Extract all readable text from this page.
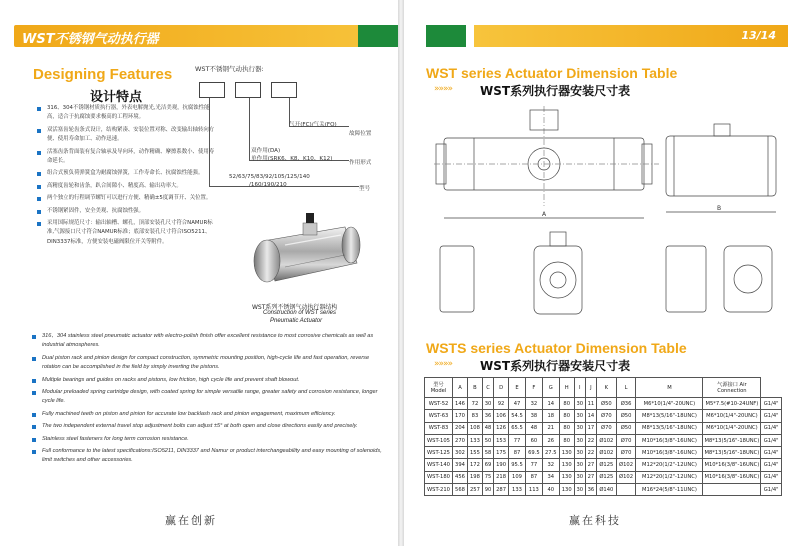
WST不锈钢气动执行器
Designing Features
设计特点
WST不锈钢气动执行器:
气开(FC)/气关(FO)
故障位置
双作用(DA)
单作用(SRK6、K8、K10、K12)
作用形式
52/63/75/83/92/105/125/140
/160/190/210
型号
316、304不锈钢材质执行器，外表电解抛光,光洁美观，抗腐蚀性能高，适合于抗腐蚀要求极高的工程环境。
双活塞齿轮齿条式设计，结构紧凑、安装位置对称、改变输出轴转向方便、使用寿命加工、动作迅速。
活塞齿条背面装有复合轴承及导向环，动作精确、摩擦系数小、使用寿命延长。
组合式预负荷弹簧盒为耐腐蚀弹簧，工作寿命长、抗腐蚀性能强。
高精度齿轮和齿条，趴合间隙小、精度高、输出功率大。
两个独立的行程调节螺钉可以进行方便、精确±5度调节开、关位置。
不锈钢紧固件，安全美观、抗腐蚀性强。
采用国际规范尺寸：输出轴槽、螺孔，顶部安装孔尺寸符合NAMUR标准,气源接口尺寸符合NAMUR标准；底部安装孔尺寸符合ISO5211、DIN3337标准，方便安装电磁阀限位开关等附件。
WST系列不锈钢气动执行器结构
Construction of WST series
Pneumatic Actuator
316、304 stainless steel pneumatic actuator with electro-polish finish offer excellent resistance to most corrosive chemicals as well as industrial atmospheres.
Dual piston rack and pinion design for compact construction, symmetric mounting position, high-cycle life and fast operation, reverse rotation can be accomplished in the field by simply inverting the pistons.
Multiple bearings and guides on racks and pistons, low friction, high cycle life and prevent shaft blowout.
Modular preloaded spring cartridge design, with coated spring for simple versatile range, greater safety and corrosion resistance, longer cycle life.
Fully machined teeth on piston and pinion for accurate low backlash rack and pinion engagement, maximum efficiency.
The two independent external travel stop adjustment bolts can adjust ±5° at both open and close directions easily and precisely.
Stainless steel fasteners for long term corrosion resistance.
Full conformance to the latest specifications:ISO5211, DIN3337 and Namur or product interchangeability and easy mounting of solenoids, limit switches and other accessories.
赢在创新
13/14
WST series Actuator Dimension Table
»»»» WST系列执行器安装尺寸表
A
B
WSTS series Actuator Dimension Table
»»»» WST系列执行器安装尺寸表
型号 Model	A	B	C	D	E	F	G	H	I	J	K	L	M	气源接口 Air Connection	
WST-52	146	72	30	92	47	32	14	80	30	11	Ø50	Ø36	M6*10(1/4"-20UNC)	M5*7.5(#10-24UNF)	G1/4"
WST-63	170	83	36	106	54.5	38	18	80	30	14	Ø70	Ø50	M8*13(5/16"-18UNC)	M6*10(1/4"-20UNC)	G1/4"
WST-83	204	108	48	126	65.5	48	21	80	30	17	Ø70	Ø50	M8*13(5/16"-18UNC)	M6*10(1/4"-20UNC)	G1/4"
WST-105	270	133	50	153	77	60	26	80	30	22	Ø102	Ø70	M10*16(3/8"-16UNC)	M8*13(5/16"-18UNC)	G1/4"
WST-125	302	155	58	175	87	69.5	27.5	130	30	22	Ø102	Ø70	M10*16(3/8"-16UNC)	M8*13(5/16"-18UNC)	G1/4"
WST-140	394	172	69	190	95.5	77	32	130	30	27	Ø125	Ø102	M12*20(1/2"-12UNC)	M10*16(3/8"-16UNC)	G1/4"
WST-180	456	198	75	218	109	87	34	130	30	27	Ø125	Ø102	M12*20(1/2"-12UNC)	M10*16(3/8"-16UNC)	G1/4"
WST-210	568	257	90	287	133	113	40	130	30	36	Ø140		M16*24(5/8"-11UNC)		G1/4"
赢在科技
